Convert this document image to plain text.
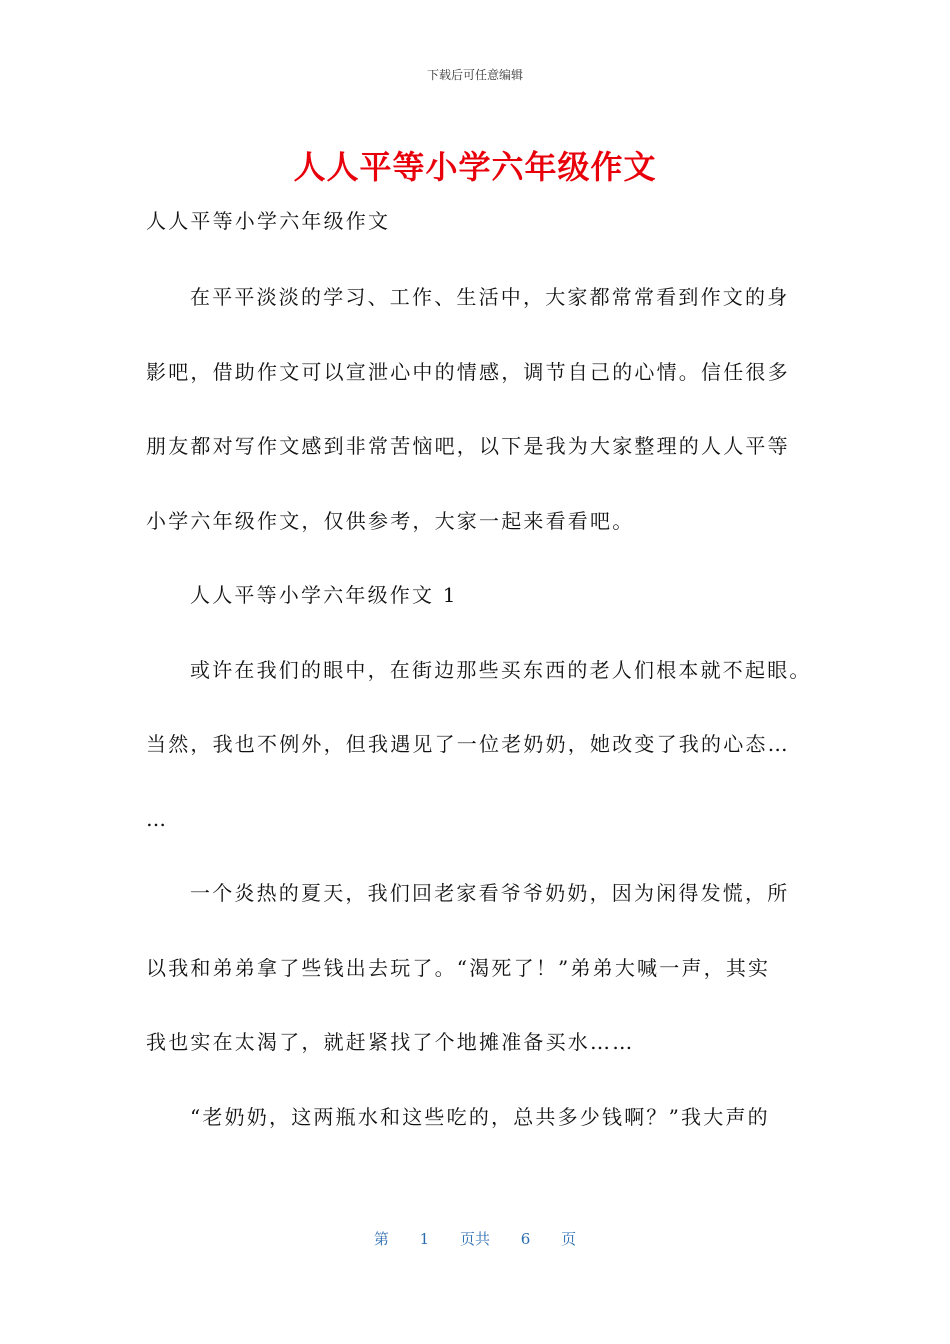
下载后可任意编辑
人人平等小学六年级作文
人人平等小学六年级作文
在平平淡淡的学习、工作、生活中，大家都常常看到作文的身
影吧，借助作文可以宣泄心中的情感，调节自己的心情。信任很多
朋友都对写作文感到非常苦恼吧，以下是我为大家整理的人人平等
小学六年级作文，仅供参考，大家一起来看看吧。
人人平等小学六年级作文 1
或许在我们的眼中，在街边那些买东西的老人们根本就不起眼。
当然，我也不例外，但我遇见了一位老奶奶，她改变了我的心态…
…
一个炎热的夏天，我们回老家看爷爷奶奶，因为闲得发慌，所
以我和弟弟拿了些钱出去玩了。“渴死了！”弟弟大喊一声，其实
我也实在太渴了，就赶紧找了个地摊准备买水……
“老奶奶，这两瓶水和这些吃的，总共多少钱啊？”我大声的
第 1 页共 6 页
